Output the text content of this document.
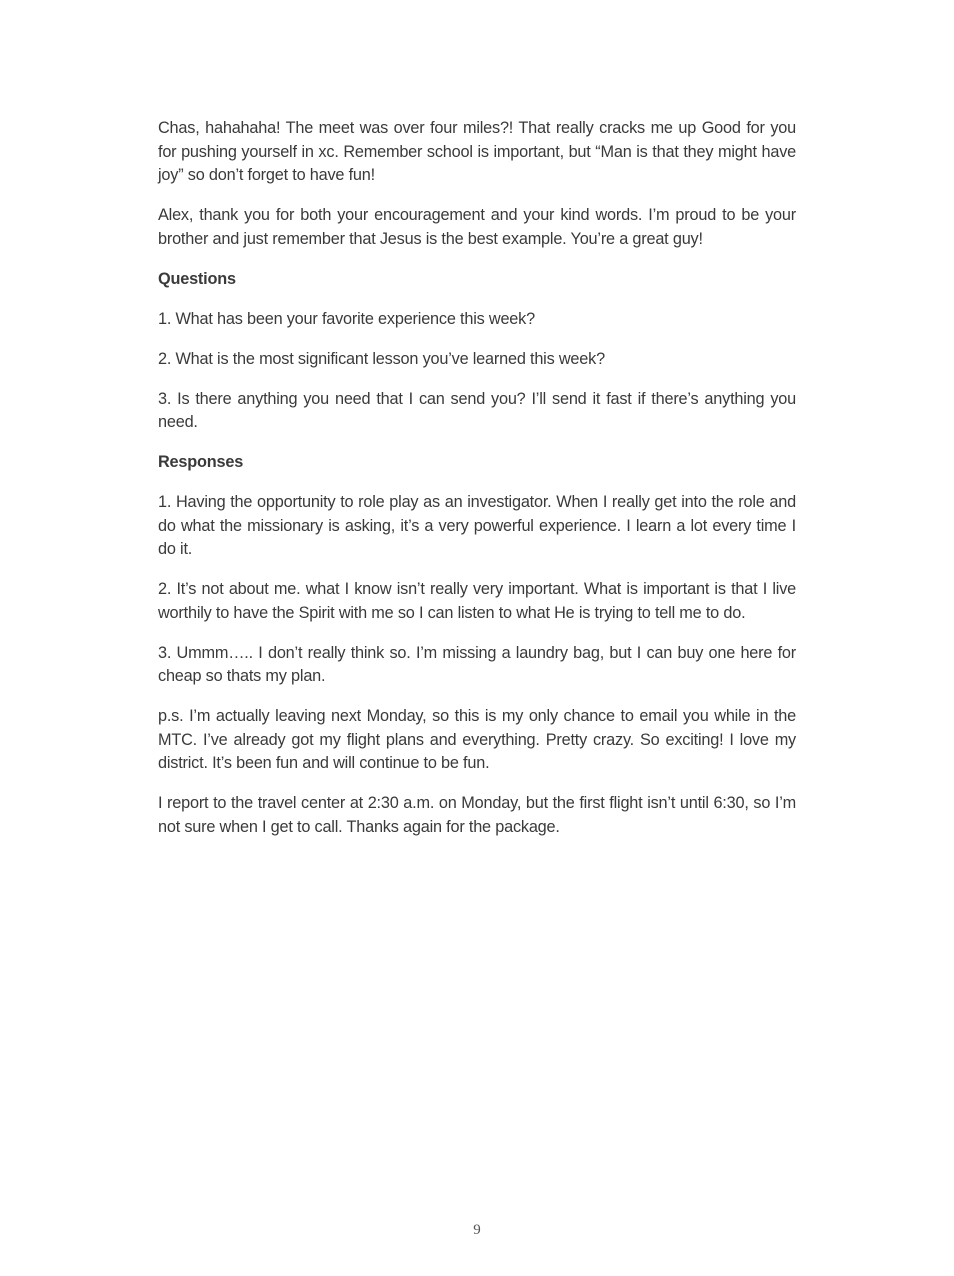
Chas, hahahaha! The meet was over four miles?! That really cracks me up Good for you for pushing yourself in xc. Remember school is important, but “Man is that they might have joy” so don’t forget to have fun!

Alex, thank you for both your encouragement and your kind words. I’m proud to be your brother and just remember that Jesus is the best example. You’re a great guy!

Questions

1. What has been your favorite experience this week?

2. What is the most significant lesson you’ve learned this week?

3. Is there anything you need that I can send you? I’ll send it fast if there’s anything you need.

Responses

1. Having the opportunity to role play as an investigator. When I really get into the role and do what the missionary is asking, it’s a very powerful experience. I learn a lot every time I do it.

2. It’s not about me. what I know isn’t really very important. What is important is that I live worthily to have the Spirit with me so I can listen to what He is trying to tell me to do.

3. Ummm….. I don’t really think so. I’m missing a laundry bag, but I can buy one here for cheap so thats my plan.

p.s. I’m actually leaving next Monday, so this is my only chance to email you while in the MTC. I’ve already got my flight plans and everything. Pretty crazy. So exciting! I love my district. It’s been fun and will continue to be fun.

I report to the travel center at 2:30 a.m. on Monday, but the first flight isn’t until 6:30, so I’m not sure when I get to call. Thanks again for the package.

9
